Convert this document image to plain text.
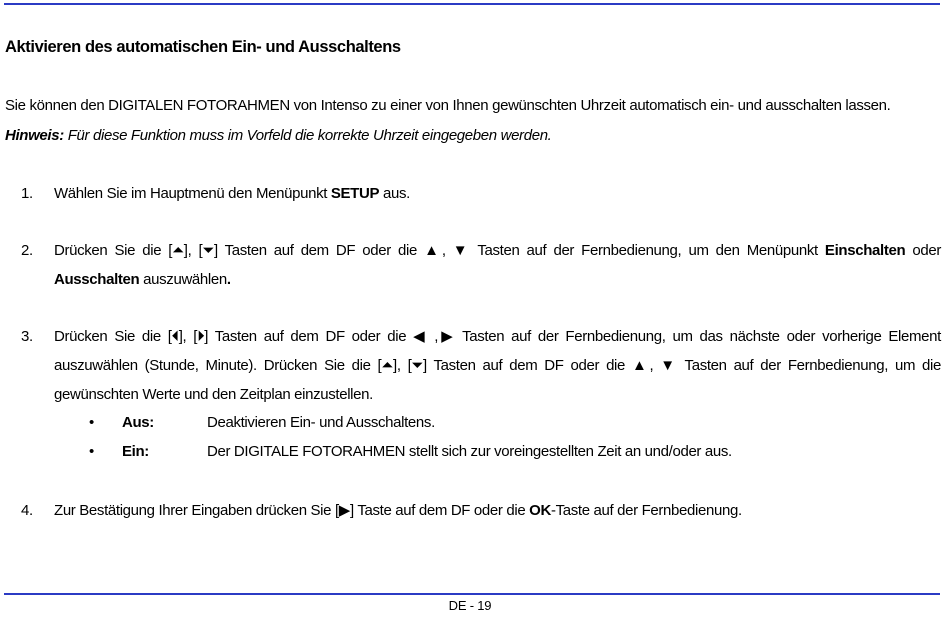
Aktivieren des automatischen Ein- und Ausschaltens
Sie können den DIGITALEN FOTORAHMEN von Intenso zu einer von Ihnen gewünschten Uhrzeit automatisch ein- und ausschalten lassen.
Hinweis: Für diese Funktion muss im Vorfeld die korrekte Uhrzeit eingegeben werden.
1. Wählen Sie im Hauptmenü den Menüpunkt SETUP aus.
2. Drücken Sie die [⏶], [⏷] Tasten auf dem DF oder die ▲, ▼ Tasten auf der Fernbedienung, um den Menüpunkt Einschalten oder
Ausschalten auszuwählen.
3. Drücken Sie die [⏴], [⏵] Tasten auf dem DF oder die ◀ ,▶ Tasten auf der Fernbedienung, um das nächste oder vorherige Element
auszuwählen (Stunde, Minute). Drücken Sie die [⏶], [⏷] Tasten auf dem DF oder die ▲, ▼ Tasten auf der Fernbedienung, um die
gewünschten Werte und den Zeitplan einzustellen.
• Aus:	Deaktivieren Ein- und Ausschaltens.
• Ein:	Der DIGITALE FOTORAHMEN stellt sich zur voreingestellten Zeit an und/oder aus.
4. Zur Bestätigung Ihrer Eingaben drücken Sie [▶] Taste auf dem DF oder die OK-Taste auf der Fernbedienung.
DE - 19
